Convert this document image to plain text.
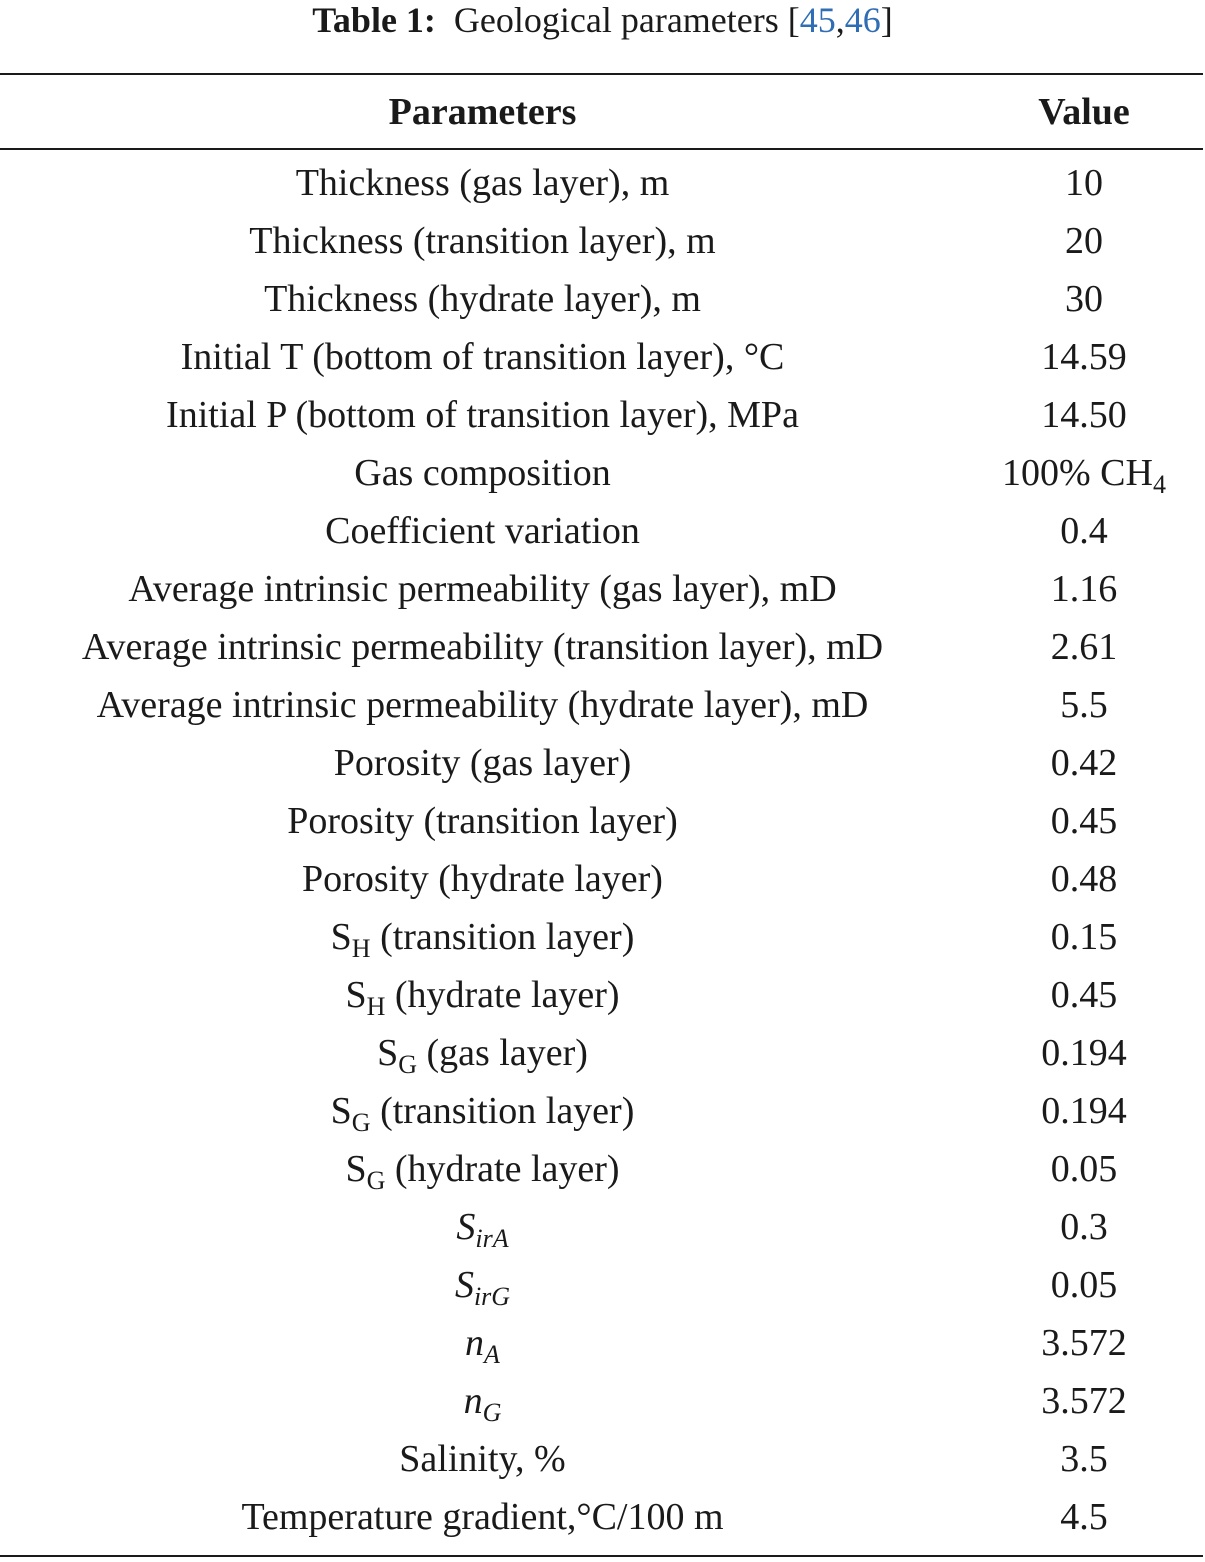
Table 1: Geological parameters [45,46]
Parameters	Value
Thickness (gas layer), m	10
Thickness (transition layer), m	20
Thickness (hydrate layer), m	30
Initial T (bottom of transition layer), °C	14.59
Initial P (bottom of transition layer), MPa	14.50
Gas composition	100% $CH_4$
Coefficient variation	0.4
Average intrinsic permeability (gas layer), mD	1.16
Average intrinsic permeability (transition layer), mD	2.61
Average intrinsic permeability (hydrate layer), mD	5.5
Porosity (gas layer)	0.42
Porosity (transition layer)	0.45
Porosity (hydrate layer)	0.48
$S_H$ (transition layer)	0.15
$S_H$ (hydrate layer)	0.45
$S_G$ (gas layer)	0.194
$S_G$ (transition layer)	0.194
$S_G$ (hydrate layer)	0.05
$S_{irA}$	0.3
$S_{irG}$	0.05
$n_A$	3.572
$n_G$	3.572
Salinity, %	3.5
Temperature gradient,°C/100 m	4.5
